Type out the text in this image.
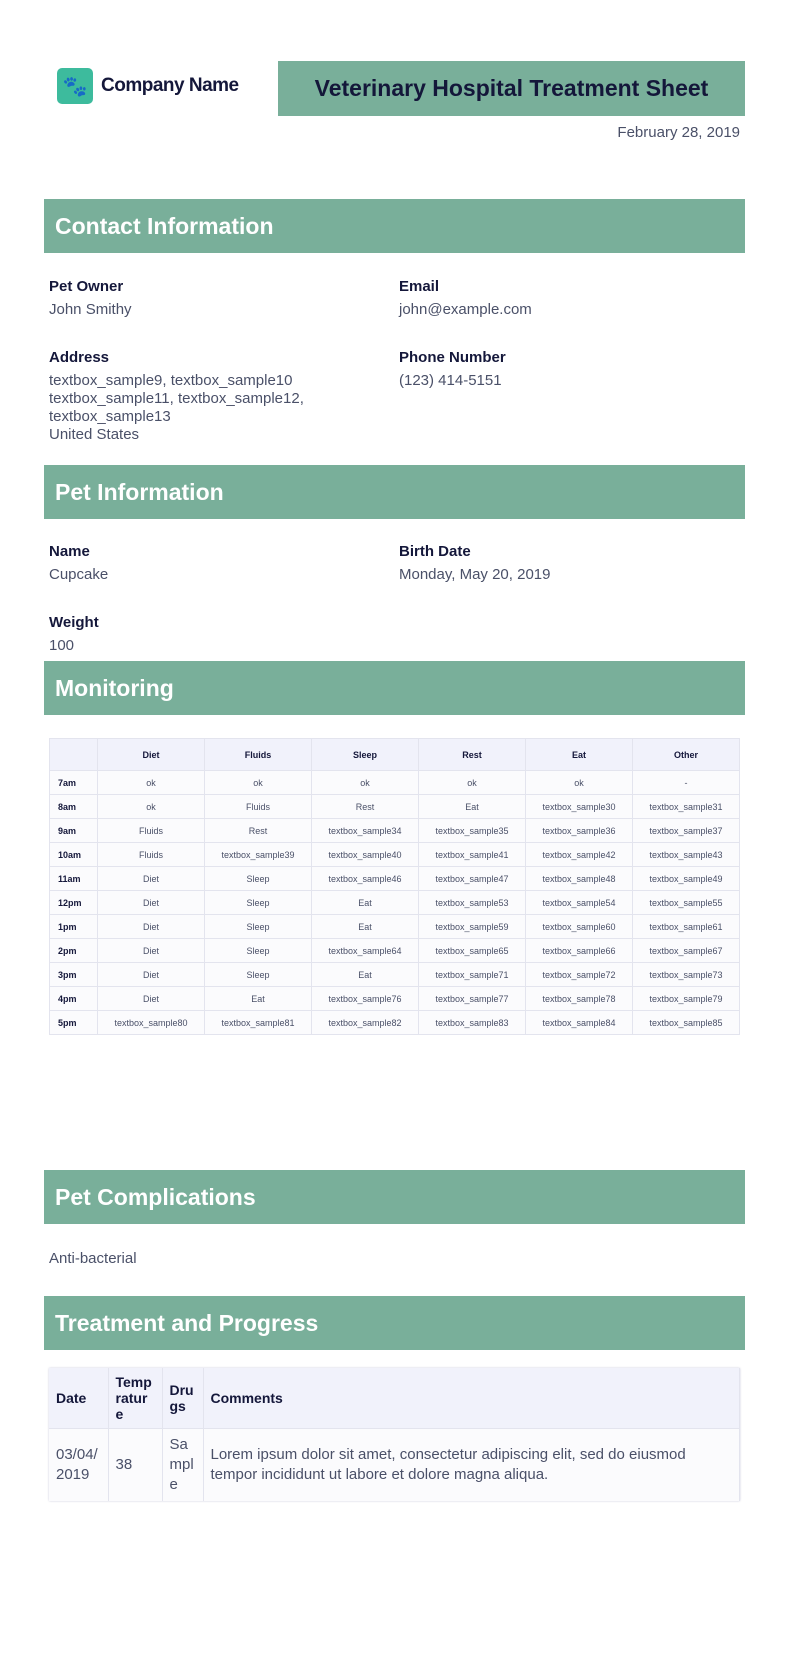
🐾 Company Name	Veterinary Hospital Treatment Sheet
February 28, 2019
Contact Information
Pet Owner
John Smithy
Email
john@example.com
Address
textbox_sample9, textbox_sample10
textbox_sample11, textbox_sample12,
textbox_sample13
United States
Phone Number
(123) 414-5151
Pet Information
Name
Cupcake
Birth Date
Monday, May 20, 2019
Weight
100
Monitoring
	Diet	Fluids	Sleep	Rest	Eat	Other
7am	ok	ok	ok	ok	ok	-
8am	ok	Fluids	Rest	Eat	textbox_sample30	textbox_sample31
9am	Fluids	Rest	textbox_sample34	textbox_sample35	textbox_sample36	textbox_sample37
10am	Fluids	textbox_sample39	textbox_sample40	textbox_sample41	textbox_sample42	textbox_sample43
11am	Diet	Sleep	textbox_sample46	textbox_sample47	textbox_sample48	textbox_sample49
12pm	Diet	Sleep	Eat	textbox_sample53	textbox_sample54	textbox_sample55
1pm	Diet	Sleep	Eat	textbox_sample59	textbox_sample60	textbox_sample61
2pm	Diet	Sleep	textbox_sample64	textbox_sample65	textbox_sample66	textbox_sample67
3pm	Diet	Sleep	Eat	textbox_sample71	textbox_sample72	textbox_sample73
4pm	Diet	Eat	textbox_sample76	textbox_sample77	textbox_sample78	textbox_sample79
5pm	textbox_sample80	textbox_sample81	textbox_sample82	textbox_sample83	textbox_sample84	textbox_sample85
Pet Complications
Anti-bacterial
Treatment and Progress
Date	Temprature	Drugs	Comments
03/04/2019	38	Sample	Lorem ipsum dolor sit amet, consectetur adipiscing elit, sed do eiusmod tempor incididunt ut labore et dolore magna aliqua.
